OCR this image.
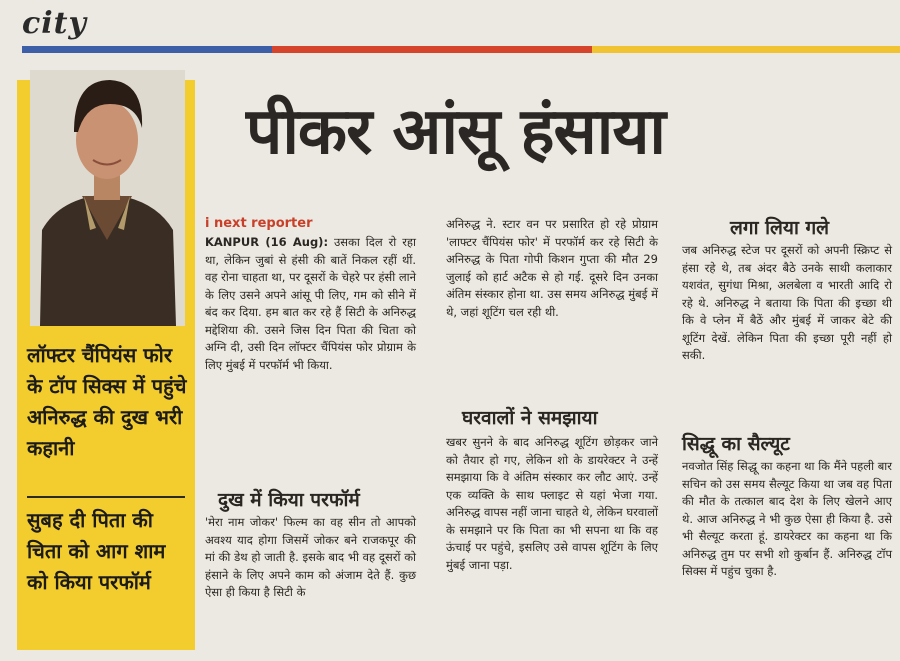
city
लॉफ्टर चैंपियंस फोर के टॉप सिक्स में पहुंचे अनिरुद्ध की दुख भरी कहानी
सुबह दी पिता की चिता को आग शाम को किया परफॉर्म
पीकर आंसू हंसाया
i next reporter

KANPUR (16 Aug): उसका दिल रो रहा था, लेकिन जुबां से हंसी की बातें निकल रहीं थीं. वह रोना चाहता था, पर दूसरों के चेहरे पर हंसी लाने के लिए उसने अपने आंसू पी लिए, गम को सीने में बंद कर दिया. हम बात कर रहे हैं सिटी के अनिरुद्ध मद्देशिया की. उसने जिस दिन पिता की चिता को अग्नि दी, उसी दिन लॉफ्टर चैंपियंस फोर प्रोग्राम के लिए मुंबई में परफॉर्म भी किया.

दुख में किया परफॉर्म
'मेरा नाम जोकर' फिल्म का वह सीन तो आपको अवश्य याद होगा जिसमें जोकर बने राजकपूर की मां की डेथ हो जाती है. इसके बाद भी वह दूसरों को हंसाने के लिए अपने काम को अंजाम देते हैं. कुछ ऐसा ही किया है सिटी के
अनिरुद्ध ने. स्टार वन पर प्रसारित हो रहे प्रोग्राम 'लाफ्टर चैंपियंस फोर' में परफॉर्म कर रहे सिटी के अनिरुद्ध के पिता गोपी किशन गुप्ता की मौत 29 जुलाई को हार्ट अटैक से हो गई. दूसरे दिन उनका अंतिम संस्कार होना था. उस समय अनिरुद्ध मुंबई में थे, जहां शूटिंग चल रही थी.
घरवालों ने समझाया
खबर सुनने के बाद अनिरुद्ध शूटिंग छोड़कर जाने को तैयार हो गए, लेकिन शो के डायरेक्टर ने उन्हें समझाया कि वे अंतिम संस्कार कर लौट आएं. उन्हें एक व्यक्ति के साथ फ्लाइट से यहां भेजा गया. अनिरुद्ध वापस नहीं जाना चाहते थे, लेकिन घरवालों के समझाने पर कि पिता का भी सपना था कि वह ऊंचाई पर पहुंचे, इसलिए उसे वापस शूटिंग के लिए मुंबई जाना पड़ा.
लगा लिया गले
जब अनिरुद्ध स्टेज पर दूसरों को अपनी स्क्रिप्ट से हंसा रहे थे, तब अंदर बैठे उनके साथी कलाकार यशवंत, सुगंधा मिश्रा, अलबेला व भारती आदि रो रहे थे. अनिरुद्ध ने बताया कि पिता की इच्छा थी कि वे प्लेन में बैठें और मुंबई में जाकर बेटे की शूटिंग देखें. लेकिन पिता की इच्छा पूरी नहीं हो सकी.
सिद्धू का सैल्यूट
नवजोत सिंह सिद्धू का कहना था कि मैंने पहली बार सचिन को उस समय सैल्यूट किया था जब वह पिता की मौत के तत्काल बाद देश के लिए खेलने आए थे. आज अनिरुद्ध ने भी कुछ ऐसा ही किया है. उसे भी सैल्यूट करता हूं. डायरेक्टर का कहना था कि अनिरुद्ध तुम पर सभी शो कुर्बान हैं. अनिरुद्ध टॉप सिक्स में पहुंच चुका है.
